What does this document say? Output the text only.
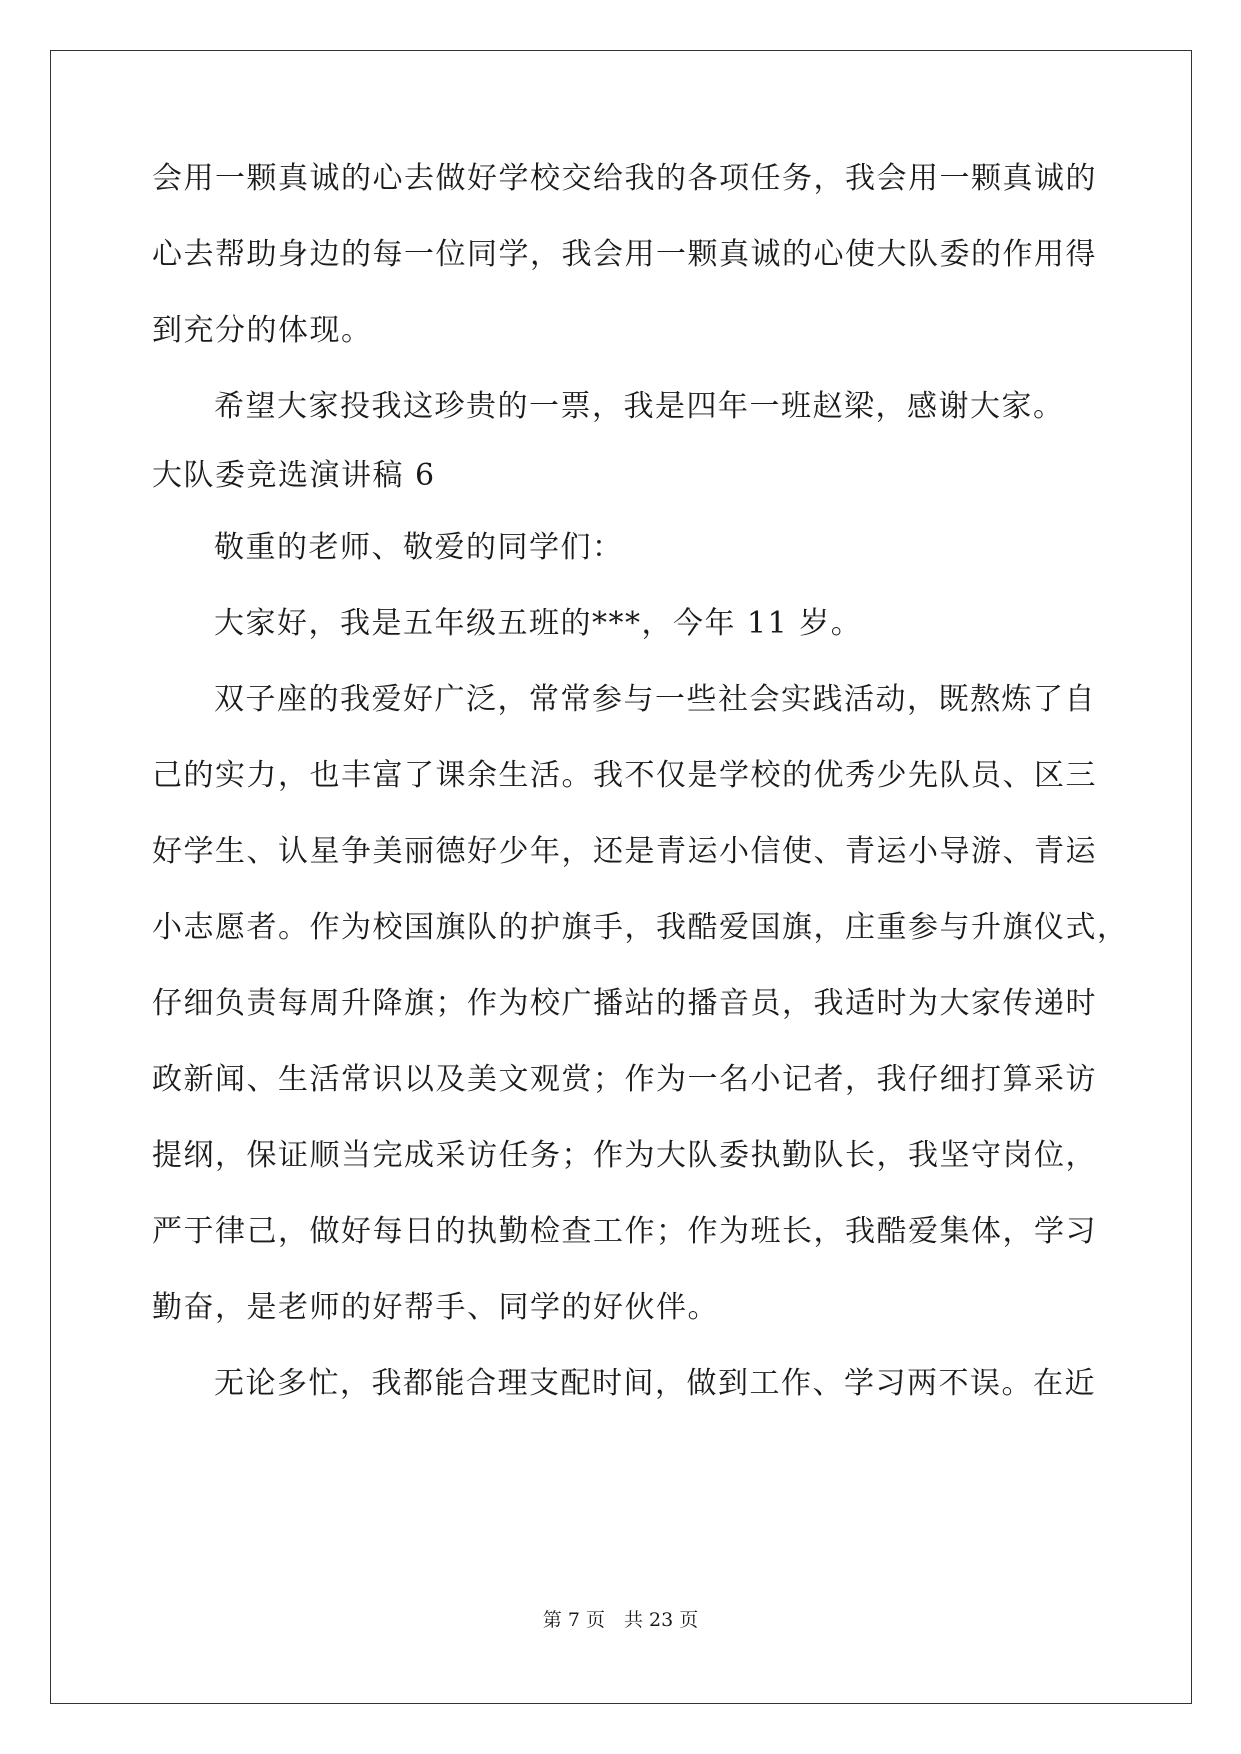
会用一颗真诚的心去做好学校交给我的各项任务，我会用一颗真诚的

心去帮助身边的每一位同学，我会用一颗真诚的心使大队委的作用得

到充分的体现。

希望大家投我这珍贵的一票，我是四年一班赵梁，感谢大家。

大队委竞选演讲稿 6

敬重的老师、敬爱的同学们：

大家好，我是五年级五班的***，今年 11 岁。

双子座的我爱好广泛，常常参与一些社会实践活动，既熬炼了自

己的实力，也丰富了课余生活。我不仅是学校的优秀少先队员、区三

好学生、认星争美丽德好少年，还是青运小信使、青运小导游、青运

小志愿者。作为校国旗队的护旗手，我酷爱国旗，庄重参与升旗仪式，

仔细负责每周升降旗；作为校广播站的播音员，我适时为大家传递时

政新闻、生活常识以及美文观赏；作为一名小记者，我仔细打算采访

提纲，保证顺当完成采访任务；作为大队委执勤队长，我坚守岗位，

严于律己，做好每日的执勤检查工作；作为班长，我酷爱集体，学习

勤奋，是老师的好帮手、同学的好伙伴。

无论多忙，我都能合理支配时间，做到工作、学习两不误。在近

第 7 页　共 23 页
